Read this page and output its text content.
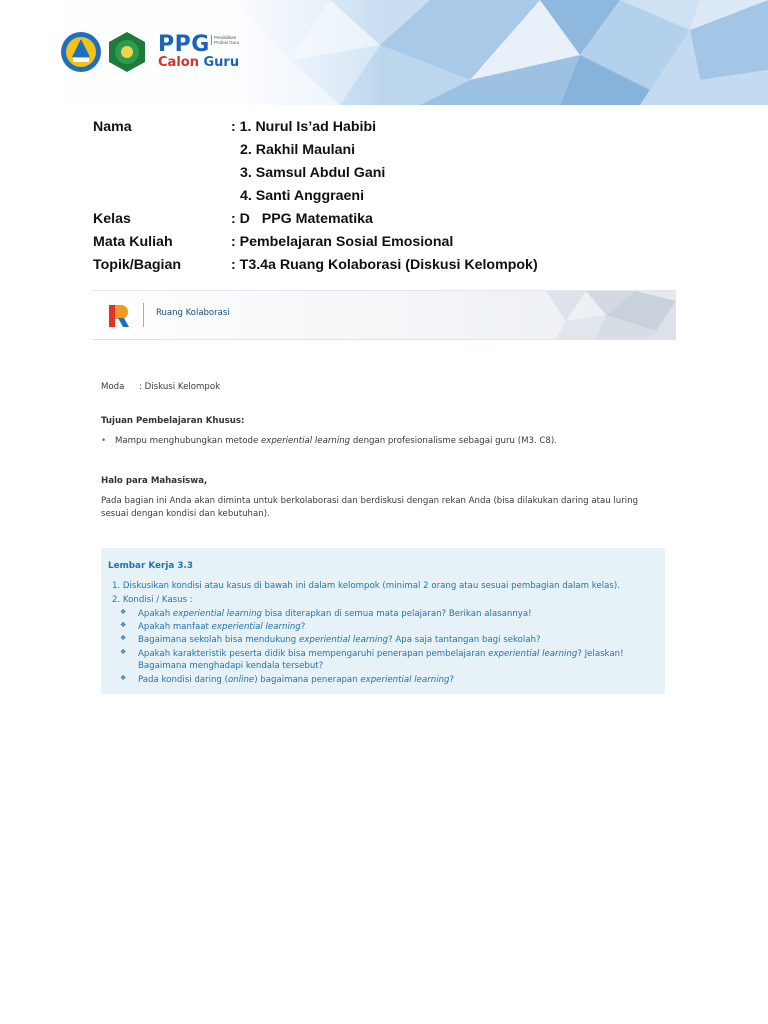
PPG Pendidikan Profesi Guru
Calon Guru
Nama	: 1. Nurul Is’ad Habibi
2. Rakhil Maulani
3. Samsul Abdul Gani
4. Santi Anggraeni
Kelas	: D   PPG Matematika
Mata Kuliah	: Pembelajaran Sosial Emosional
Topik/Bagian	: T3.4a Ruang Kolaborasi (Diskusi Kelompok)
Ruang Kolaborasi
Moda : Diskusi Kelompok
Tujuan Pembelajaran Khusus:
• Mampu menghubungkan metode experiential learning dengan profesionalisme sebagai guru (M3. C8).
Halo para Mahasiswa,
Pada bagian ini Anda akan diminta untuk berkolaborasi dan berdiskusi dengan rekan Anda (bisa dilakukan daring atau luring
sesuai dengan kondisi dan kebutuhan).
Lembar Kerja 3.3
1. Diskusikan kondisi atau kasus di bawah ini dalam kelompok (minimal 2 orang atau sesuai pembagian dalam kelas).
2. Kondisi / Kasus :
❖ Apakah experiential learning bisa diterapkan di semua mata pelajaran? Berikan alasannya!
❖ Apakah manfaat experiential learning?
❖ Bagaimana sekolah bisa mendukung experiential learning? Apa saja tantangan bagi sekolah?
❖ Apakah karakteristik peserta didik bisa mempengaruhi penerapan pembelajaran experiential learning? Jelaskan!
Bagaimana menghadapi kendala tersebut?
❖ Pada kondisi daring (online) bagaimana penerapan experiential learning?
